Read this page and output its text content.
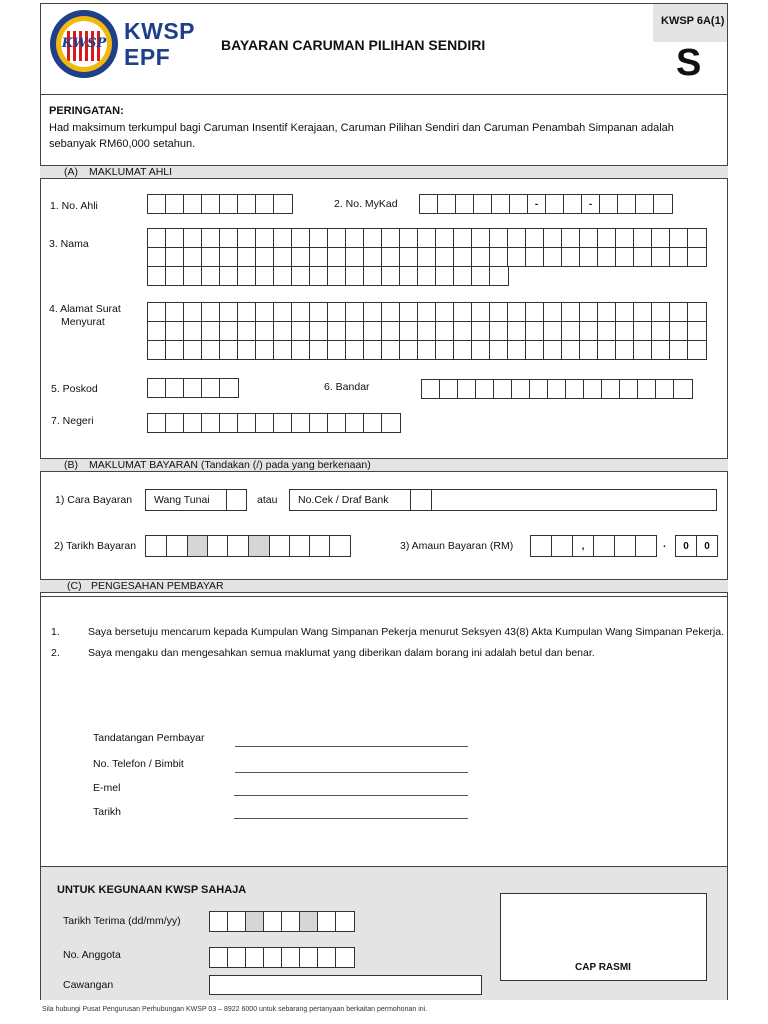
KWSP KWSP
EPF	BAYARAN CARUMAN PILIHAN SENDIRI
KWSP 6A(1)
S
PERINGATAN:
Had maksimum terkumpul bagi Caruman Insentif Kerajaan, Caruman Pilihan Sendiri dan Caruman Penambah Simpanan adalah sebanyak RM60,000 setahun.
(A) MAKLUMAT AHLI
1. No. Ahli	2. No. MyKad	-	-
3. Nama
4. Alamat Surat
Menyurat
5. Poskod	6. Bandar
7. Negeri
(B) MAKLUMAT BAYARAN (Tandakan (/) pada yang berkenaan)
1) Cara Bayaran Wang Tunai	atau No.Cek / Draf Bank
2) Tarikh Bayaran	3) Amaun Bayaran (RM)	,	.	0	0
(C) PENGESAHAN PEMBAYAR
1.	Saya bersetuju mencarum kepada Kumpulan Wang Simpanan Pekerja menurut Seksyen 43(8) Akta Kumpulan Wang Simpanan Pekerja.
2.	Saya mengaku dan mengesahkan semua maklumat yang diberikan dalam borang ini adalah betul dan benar.
Tandatangan Pembayar
No. Telefon / Bimbit
E-mel
Tarikh
UNTUK KEGUNAAN KWSP SAHAJA
Tarikh Terima (dd/mm/yy)
No. Anggota
Cawangan
CAP RASMI
Sila hubungi Pusat Pengurusan Perhubungan KWSP 03 – 8922 6000 untuk sebarang pertanyaan berkaitan permohonan ini.
